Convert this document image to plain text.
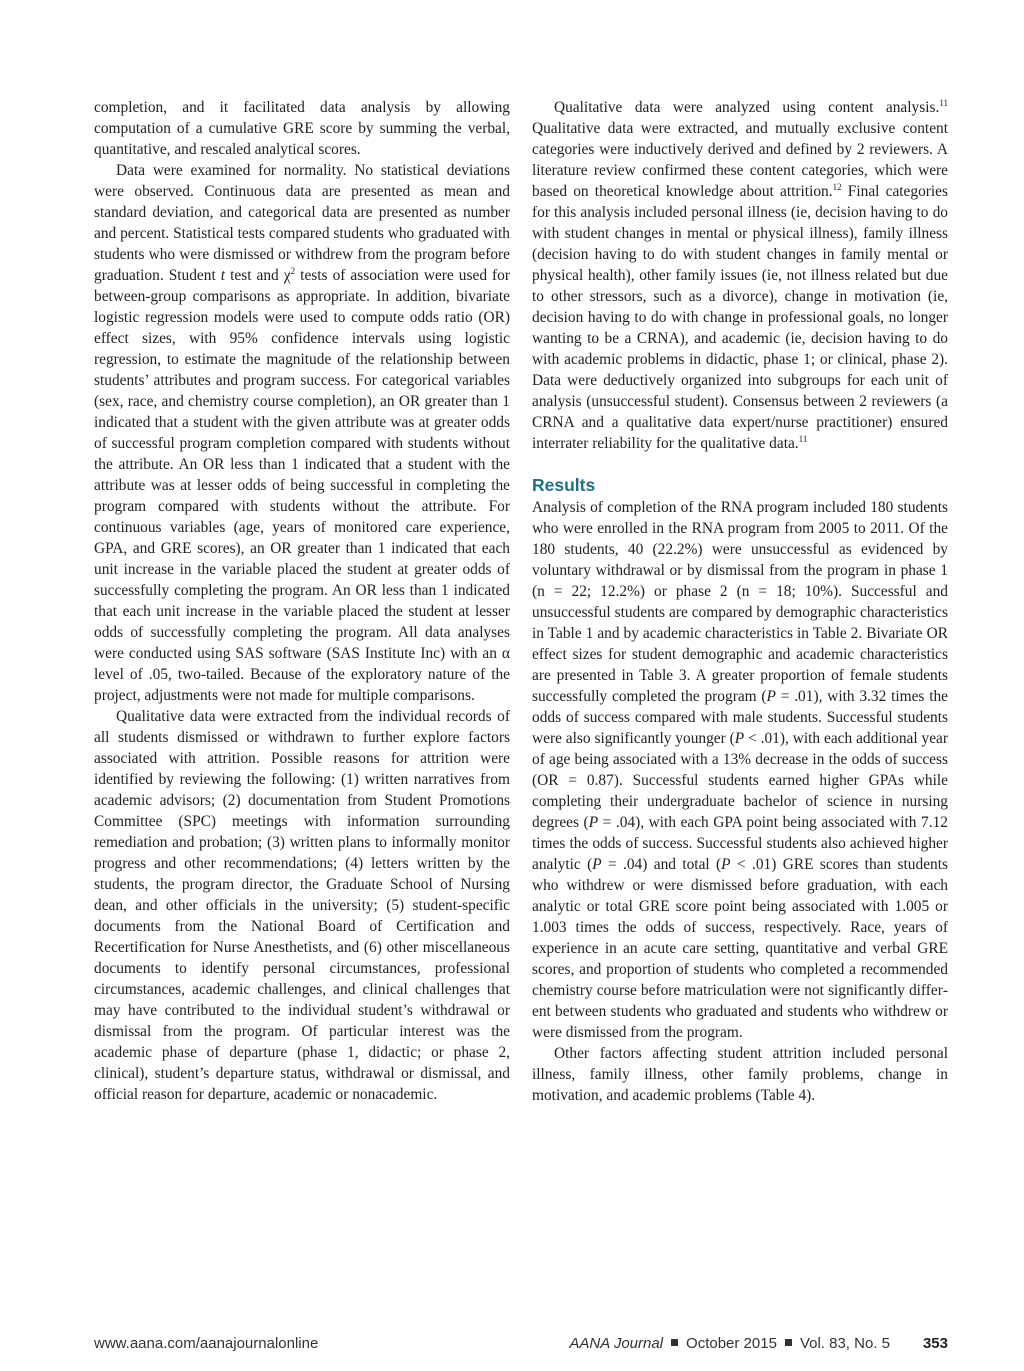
completion, and it facilitated data analysis by allowing computation of a cumulative GRE score by summing the verbal, quantitative, and rescaled analytical scores.

Data were examined for normality. No statistical deviations were observed. Continuous data are presented as mean and standard deviation, and categorical data are presented as number and percent. Statistical tests compared students who graduated with students who were dismissed or withdrew from the program before graduation. Student t test and $\chi^2$ tests of association were used for between-group comparisons as appropriate. In addition, bivariate logistic regression models were used to compute odds ratio (OR) effect sizes, with 95% confidence intervals using logistic regression, to estimate the magnitude of the relationship between students’ attributes and program success. For categorical variables (sex, race, and chemistry course completion), an OR greater than 1 indicated that a student with the given attribute was at greater odds of successful program completion compared with students without the attribute. An OR less than 1 indicated that a student with the attribute was at lesser odds of being successful in completing the program compared with students without the attribute. For continuous variables (age, years of monitored care experience, GPA, and GRE scores), an OR greater than 1 indicated that each unit increase in the variable placed the student at greater odds of successfully completing the program. An OR less than 1 indicated that each unit increase in the variable placed the student at lesser odds of successfully completing the program. All data analyses were conducted using SAS software (SAS Institute Inc) with an α level of .05, two-tailed. Because of the exploratory nature of the project, adjustments were not made for multiple comparisons.

Qualitative data were extracted from the individual records of all students dismissed or withdrawn to further explore factors associated with attrition. Possible reasons for attrition were identified by reviewing the following: (1) written narratives from academic advisors; (2) documentation from Student Promotions Committee (SPC) meetings with information surrounding remediation and probation; (3) written plans to informally monitor progress and other recommendations; (4) letters written by the students, the program director, the Graduate School of Nursing dean, and other officials in the university; (5) student-specific documents from the National Board of Certification and Recertification for Nurse Anesthetists, and (6) other miscellaneous documents to identify personal circumstances, professional circumstances, academic challenges, and clinical challenges that may have contributed to the individual student’s withdrawal or dismissal from the program. Of particular interest was the academic phase of departure (phase 1, didactic; or phase 2, clinical), student’s departure status, withdrawal or dismissal, and official reason for departure, academic or nonacademic.

Qualitative data were analyzed using content analysis.$^{11}$ Qualitative data were extracted, and mutually exclusive content categories were inductively derived and defined by 2 reviewers. A literature review confirmed these content categories, which were based on theoretical knowledge about attrition.$^{12}$ Final categories for this analysis included personal illness (ie, decision having to do with student changes in mental or physical illness), family illness (decision having to do with student changes in family mental or physical health), other family issues (ie, not illness related but due to other stressors, such as a divorce), change in motivation (ie, decision having to do with change in professional goals, no longer wanting to be a CRNA), and academic (ie, decision having to do with academic problems in didactic, phase 1; or clinical, phase 2). Data were deductively organized into subgroups for each unit of analysis (unsuccessful student). Consensus between 2 reviewers (a CRNA and a qualitative data expert/nurse practitioner) ensured interrater reliability for the qualitative data.$^{11}$

Results

Analysis of completion of the RNA program included 180 students who were enrolled in the RNA program from 2005 to 2011. Of the 180 students, 40 (22.2%) were unsuccessful as evidenced by voluntary withdrawal or by dismissal from the program in phase 1 (n = 22; 12.2%) or phase 2 (n = 18; 10%). Successful and unsuccessful students are compared by demographic characteristics in Table 1 and by academic characteristics in Table 2. Bivariate OR effect sizes for student demographic and academic characteristics are presented in Table 3. A greater proportion of female students successfully completed the program (P = .01), with 3.32 times the odds of success compared with male students. Successful students were also significantly younger (P < .01), with each additional year of age being associated with a 13% decrease in the odds of success (OR = 0.87). Successful students earned higher GPAs while completing their undergraduate bachelor of science in nursing degrees (P = .04), with each GPA point being associated with 7.12 times the odds of success. Successful students also achieved higher analytic (P = .04) and total (P < .01) GRE scores than students who withdrew or were dismissed before graduation, with each analytic or total GRE score point being associated with 1.005 or 1.003 times the odds of success, respectively. Race, years of experience in an acute care setting, quantitative and verbal GRE scores, and proportion of students who completed a recommended chemistry course before matriculation were not significantly different between students who graduated and students who withdrew or were dismissed from the program.

Other factors affecting student attrition included personal illness, family illness, other family problems, change in motivation, and academic problems (Table 4).

www.aana.com/aanajournalonline	AANA Journal October 2015 Vol. 83, No. 5 353
